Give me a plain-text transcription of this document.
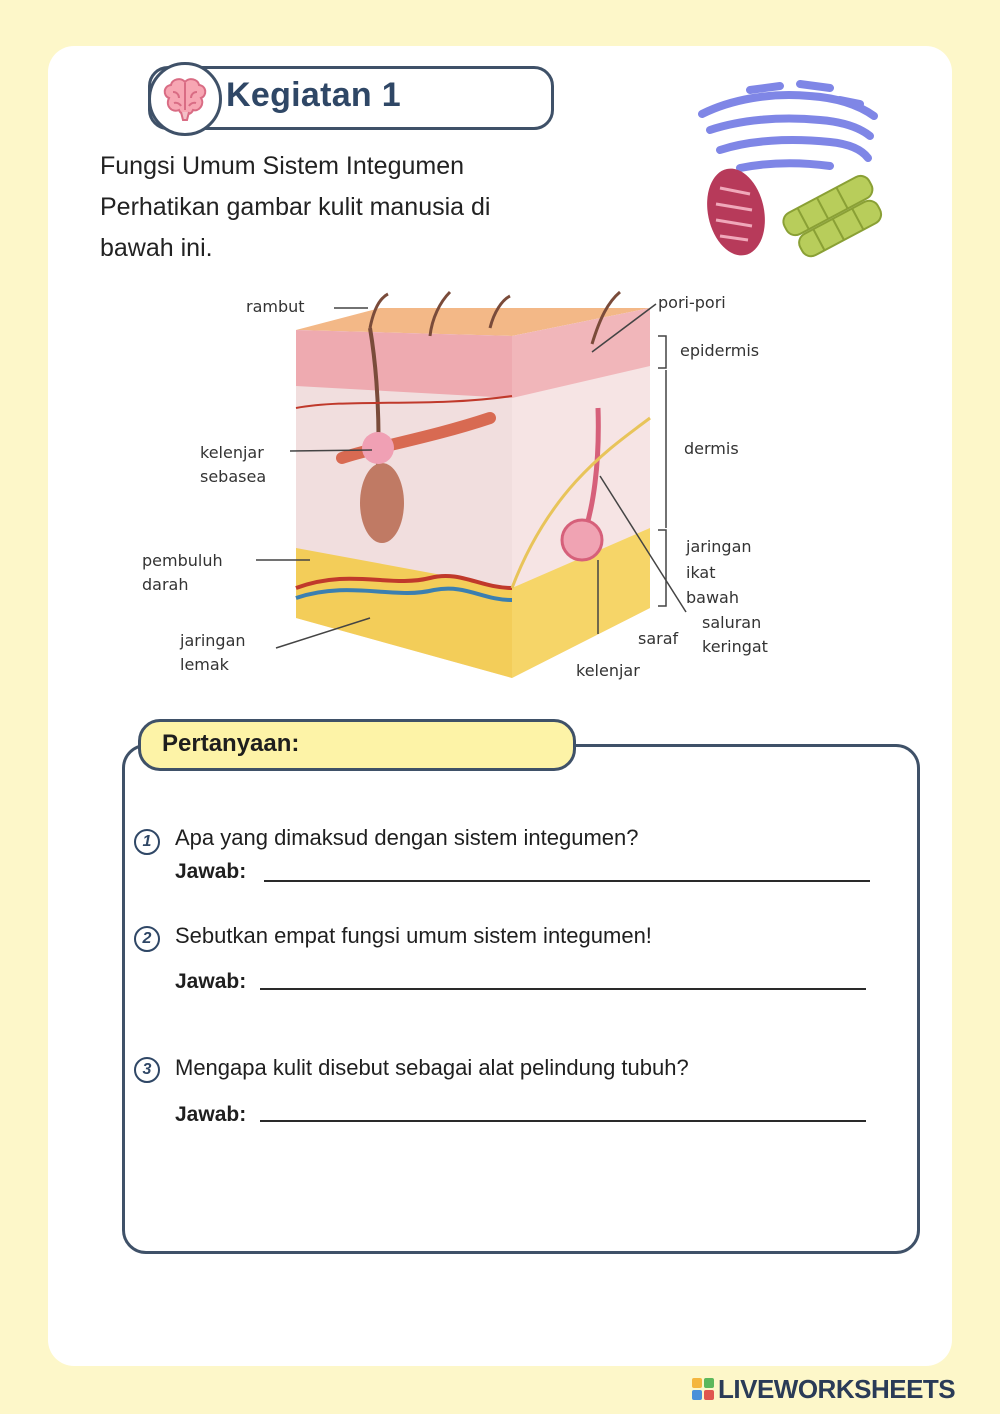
Kegiatan 1
Fungsi Umum Sistem Integumen
Perhatikan gambar kulit manusia di
bawah ini.
rambut	pori-pori
epidermis
dermis
kelenjar
sebasea
pembuluh
darah
jaringan
lemak
jaringan
ikat
bawah
saluran
keringat
saraf
kelenjar
Pertanyaan:
1	Apa yang dimaksud dengan sistem integumen?
Jawab:
2	Sebutkan empat fungsi umum sistem integumen!
Jawab:
3	Mengapa kulit disebut sebagai alat pelindung tubuh?
Jawab:
LIVEWORKSHEETS
